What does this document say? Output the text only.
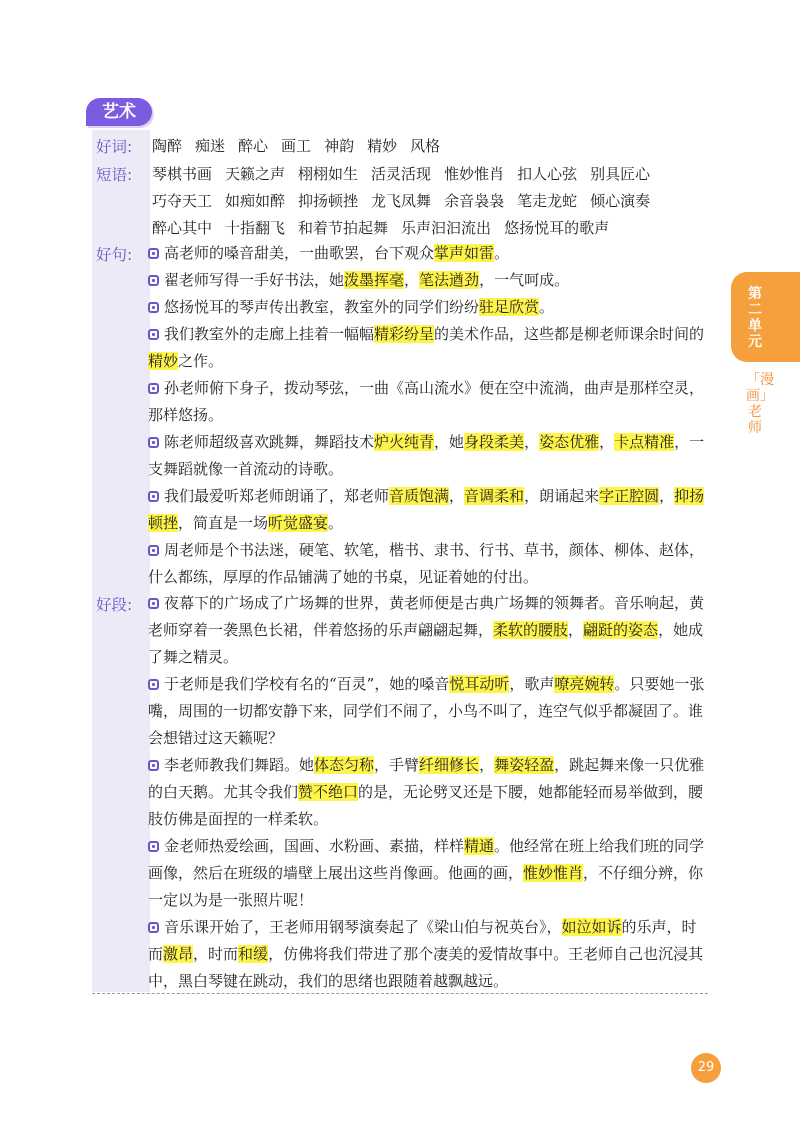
艺术
好词: 陶醉 痴迷 醉心 画工 神韵 精妙 风格
短语: 琴棋书画 天籁之声 栩栩如生 活灵活现 惟妙惟肖 扣人心弦 别具匠心
巧夺天工 如痴如醉 抑扬顿挫 龙飞凤舞 余音袅袅 笔走龙蛇 倾心演奏
醉心其中 十指翻飞 和着节拍起舞 乐声汩汩流出 悠扬悦耳的歌声
好句:	高老师的嗓音甜美，一曲歌罢，台下观众掌声如雷。
翟老师写得一手好书法，她泼墨挥毫，笔法遒劲，一气呵成。
悠扬悦耳的琴声传出教室，教室外的同学们纷纷驻足欣赏。
我们教室外的走廊上挂着一幅幅精彩纷呈的美术作品，这些都是柳老师课余时间的精妙之作。
孙老师俯下身子，拨动琴弦，一曲《高山流水》便在空中流淌，曲声是那样空灵，那样悠扬。
陈老师超级喜欢跳舞，舞蹈技术炉火纯青，她身段柔美，姿态优雅，卡点精准，一支舞蹈就像一首流动的诗歌。
我们最爱听郑老师朗诵了，郑老师音质饱满，音调柔和，朗诵起来字正腔圆，抑扬顿挫，简直是一场听觉盛宴。
周老师是个书法迷，硬笔、软笔，楷书、隶书、行书、草书，颜体、柳体、赵体，什么都练，厚厚的作品铺满了她的书桌，见证着她的付出。
好段:	夜幕下的广场成了广场舞的世界，黄老师便是古典广场舞的领舞者。音乐响起，黄老师穿着一袭黑色长裙，伴着悠扬的乐声翩翩起舞，柔软的腰肢，翩跹的姿态，她成了舞之精灵。
于老师是我们学校有名的“百灵”，她的嗓音悦耳动听，歌声嘹亮婉转。只要她一张嘴，周围的一切都安静下来，同学们不闹了，小鸟不叫了，连空气似乎都凝固了。谁会想错过这天籁呢？
李老师教我们舞蹈。她体态匀称，手臂纤细修长，舞姿轻盈，跳起舞来像一只优雅的白天鹅。尤其令我们赞不绝口的是，无论劈叉还是下腰，她都能轻而易举做到，腰肢仿佛是面捏的一样柔软。
金老师热爱绘画，国画、水粉画、素描，样样精通。他经常在班上给我们班的同学画像，然后在班级的墙壁上展出这些肖像画。他画的画，惟妙惟肖，不仔细分辨，你一定以为是一张照片呢！
音乐课开始了，王老师用钢琴演奏起了《梁山伯与祝英台》，如泣如诉的乐声，时而激昂，时而和缓，仿佛将我们带进了那个凄美的爱情故事中。王老师自己也沉浸其中，黑白琴键在跳动，我们的思绪也跟随着越飘越远。
第二单元
「漫画」老师
29
